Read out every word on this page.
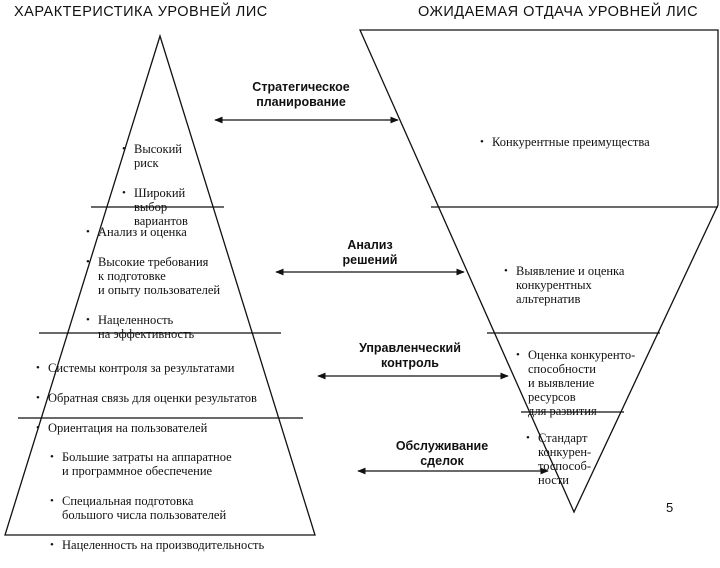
ХАРАКТЕРИСТИКА УРОВНЕЙ ЛИС	ОЖИДАЕМАЯ ОТДАЧА УРОВНЕЙ ЛИС
Стратегическое
планирование
Анализ
решений
Управленческий
контроль
Обслуживание
сделок

• Высокий
риск

• Широкий
выбор
вариантов

• Анализ и оценка

• Высокие требования
к подготовке
и опыту пользователей

• Нацеленность
на эффективность

• Системы контроля за результатами

• Обратная связь для оценки результатов

• Ориентация на пользователей

• Большие затраты на аппаратное
и программное обеспечение

• Специальная подготовка
большого числа пользователей

• Нацеленность на производительность

• Конкурентные преимущества

• Выявление и оценка
конкурентных
альтернатив

• Оценка конкуренто-
способности
и выявление
ресурсов
для развития

• Стандарт
конкурен-
тоспособ-
ности

5
